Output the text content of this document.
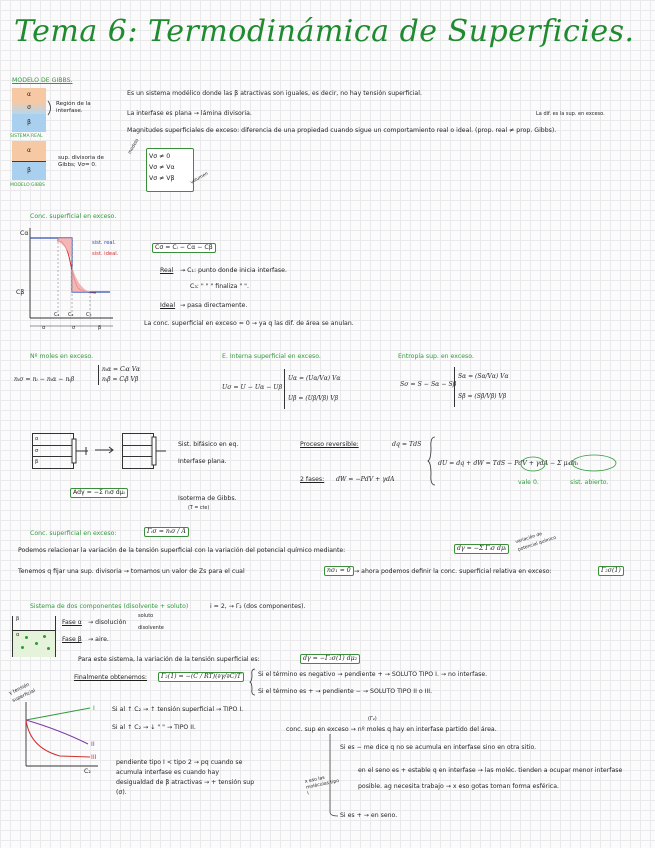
Tema 6: Termodinámica de Superficies.
MODELO DE GIBBS.
α
σ
β
SISTEMA REAL
Región de la interfase.
α
β
MODELO GIBBS
sup. divisoria de Gibbs; Vσ= 0.
Es un sistema modélico donde las β atractivas son iguales, es decir, no hay tensión superficial.
La interfase es plana → lámina divisoria.	La dif. es la sup. en exceso.
Magnitudes superficiales de exceso: diferencia de una propiedad cuando sigue un comportamiento real o ideal. (prop. real ≠ prop. Gibbs).
modelo
Vσ ≠ 0
Vσ ≠ Vα
Vσ ≠ Vβ	volumen
Conc. superficial en exceso.
Cα
Cβ
C₁ C₂	C₃
α	σ	β
sist. real.
sist. ideal.
Cσ = Cᵢ − Cα − Cβ
Real → C₁: punto donde inicia interfase.
C₃: " " " finaliza " ".
Ideal → pasa directamente.
La conc. superficial en exceso = 0 → ya q las dif. de área se anulan.
Nº moles en exceso.
nᵢσ = nᵢ − nᵢα − nᵢβ
nᵢα = Cᵢα Vα
nᵢβ = Cᵢβ Vβ
E. Interna superficial en exceso.
Uσ = U − Uα − Uβ
Uα = (Uα/Vα) Vα
Uβ = (Uβ/Vβ) Vβ
Entropía sup. en exceso.
Sσ = S − Sα − Sβ
Sα = (Sα/Vα) Vα
Sβ = (Sβ/Vβ) Vβ
α
σ
β
Sist. bifásico en eq.
Interfase plana.
Proceso reversible:	dq = TdS
2 fases: dW = −PdV + γdA
dU = dq + dW = TdS − PdV + γdA − Σ μᵢdnᵢ
vale 0.	sist. abierto.
Adγ = −Σ nᵢσ dμᵢ
Isoterma de Gibbs.
(T = cte)
Conc. superficial en exceso:	Γᵢσ = nᵢσ / A
Podemos relacionar la variación de la tensión superficial con la variación del potencial químico mediante:	dγ = −Σ Γᵢσ dμᵢ
variación de potencial químico
Tenemos q fijar una sup. divisoria → tomamos un valor de Zs para el cual	nσ₁ = 0 → ahora podemos definir la conc. superficial relativa en exceso:	Γ₂σ(1)
Sistema de dos componentes (disolvente + soluto)	i = 2, → Γ₂ (dos componentes).
β
α
Fase α → disolución
soluto
disolvente
Fase β → aire.
Para este sistema, la variación de la tensión superficial es:	dγ = −Γ₂σ(1) dμ₂
Finalmente obtenemos:	Γ₂(1) = −(C / RT)(∂γ/∂C)T	Si el término es negativo → pendiente + → SOLUTO TIPO I. → no interfase.
Si el término es + → pendiente − → SOLUTO TIPO II o III.
γ tensión superficial
C₂
I
II
III
Si al ↑ C₂ → ↑ tensión superficial → TIPO I.
Si al ↑ C₂ → ↓ " " → TIPO II.
pendiente tipo I < tipo 2 → pq cuando se acumula interfase es cuando hay desigualdad de β atractivas → + tensión sup (σ).
(Γ₂)
conc. sup en exceso → nº moles q hay en interfase partido del área.
Si es − me dice q no se acumula en interfase sino en otra sitio.
en el seno es + estable q en interfase → las moléc. tienden a ocupar menor interfase posible. ag necesita trabajo → x eso gotas toman forma esférica.
x eso las moléculas tipo I
Si es + → en seno.
